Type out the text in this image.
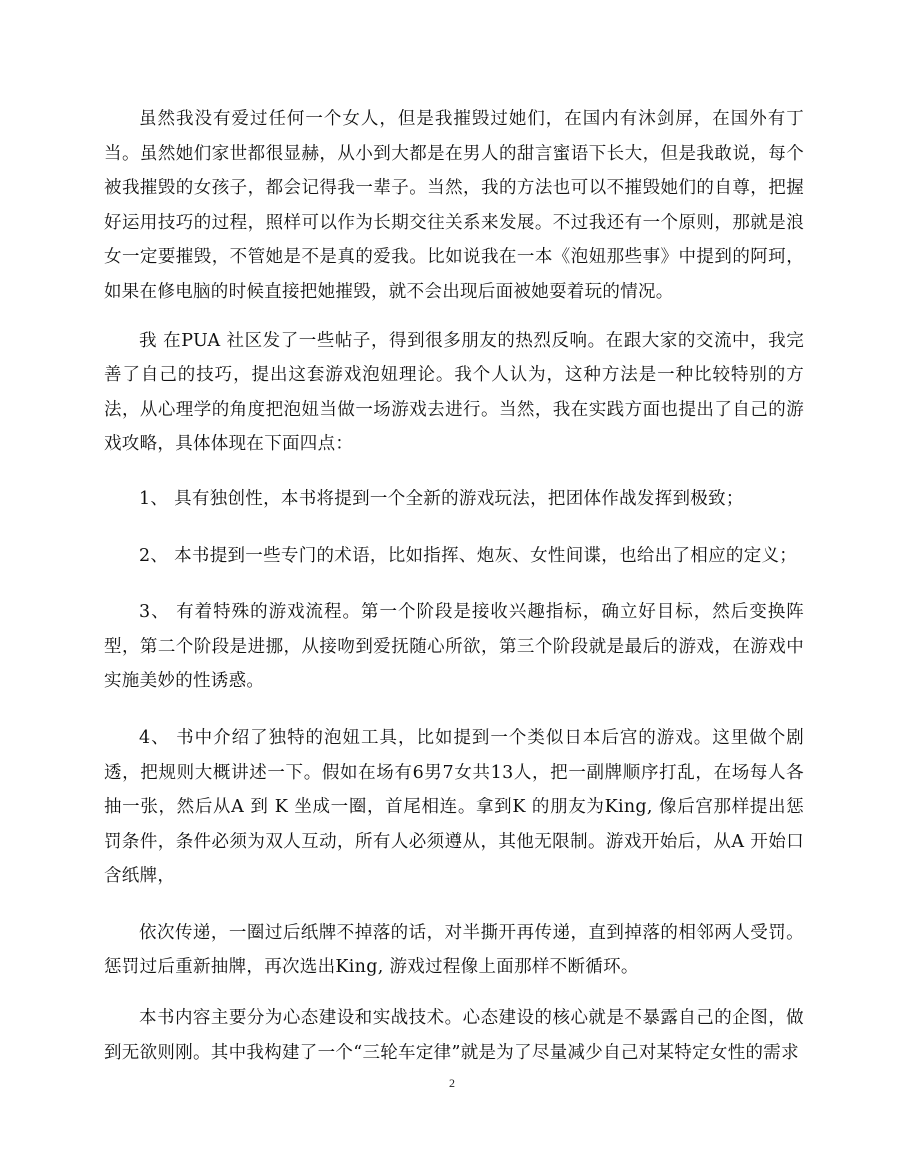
虽然我没有爱过任何一个女人，但是我摧毁过她们，在国内有沐剑屏，在国外有丁当。虽然她们家世都很显赫，从小到大都是在男人的甜言蜜语下长大，但是我敢说，每个被我摧毁的女孩子，都会记得我一辈子。当然，我的方法也可以不摧毁她们的自尊，把握好运用技巧的过程，照样可以作为长期交往关系来发展。不过我还有一个原则，那就是浪女一定要摧毁，不管她是不是真的爱我。比如说我在一本《泡妞那些事》中提到的阿珂，如果在修电脑的时候直接把她摧毁，就不会出现后面被她耍着玩的情况。

我 在PUA 社区发了一些帖子，得到很多朋友的热烈反响。在跟大家的交流中，我完善了自己的技巧，提出这套游戏泡妞理论。我个人认为，这种方法是一种比较特别的方法，从心理学的角度把泡妞当做一场游戏去进行。当然，我在实践方面也提出了自己的游戏攻略，具体体现在下面四点：

1、 具有独创性，本书将提到一个全新的游戏玩法，把团体作战发挥到极致；

2、 本书提到一些专门的术语，比如指挥、炮灰、女性间谍，也给出了相应的定义；

3、 有着特殊的游戏流程。第一个阶段是接收兴趣指标，确立好目标，然后变换阵型，第二个阶段是进挪，从接吻到爱抚随心所欲，第三个阶段就是最后的游戏，在游戏中实施美妙的性诱惑。

4、 书中介绍了独特的泡妞工具，比如提到一个类似日本后宫的游戏。这里做个剧透，把规则大概讲述一下。假如在场有6男7女共13人，把一副牌顺序打乱，在场每人各抽一张，然后从A 到 K 坐成一圈，首尾相连。拿到K 的朋友为King, 像后宫那样提出惩罚条件，条件必须为双人互动，所有人必须遵从，其他无限制。游戏开始后，从A 开始口含纸牌，

依次传递，一圈过后纸牌不掉落的话，对半撕开再传递，直到掉落的相邻两人受罚。惩罚过后重新抽牌，再次选出King, 游戏过程像上面那样不断循环。

本书内容主要分为心态建设和实战技术。心态建设的核心就是不暴露自己的企图，做到无欲则刚。其中我构建了一个“三轮车定律”就是为了尽量减少自己对某特定女性的需求

2
